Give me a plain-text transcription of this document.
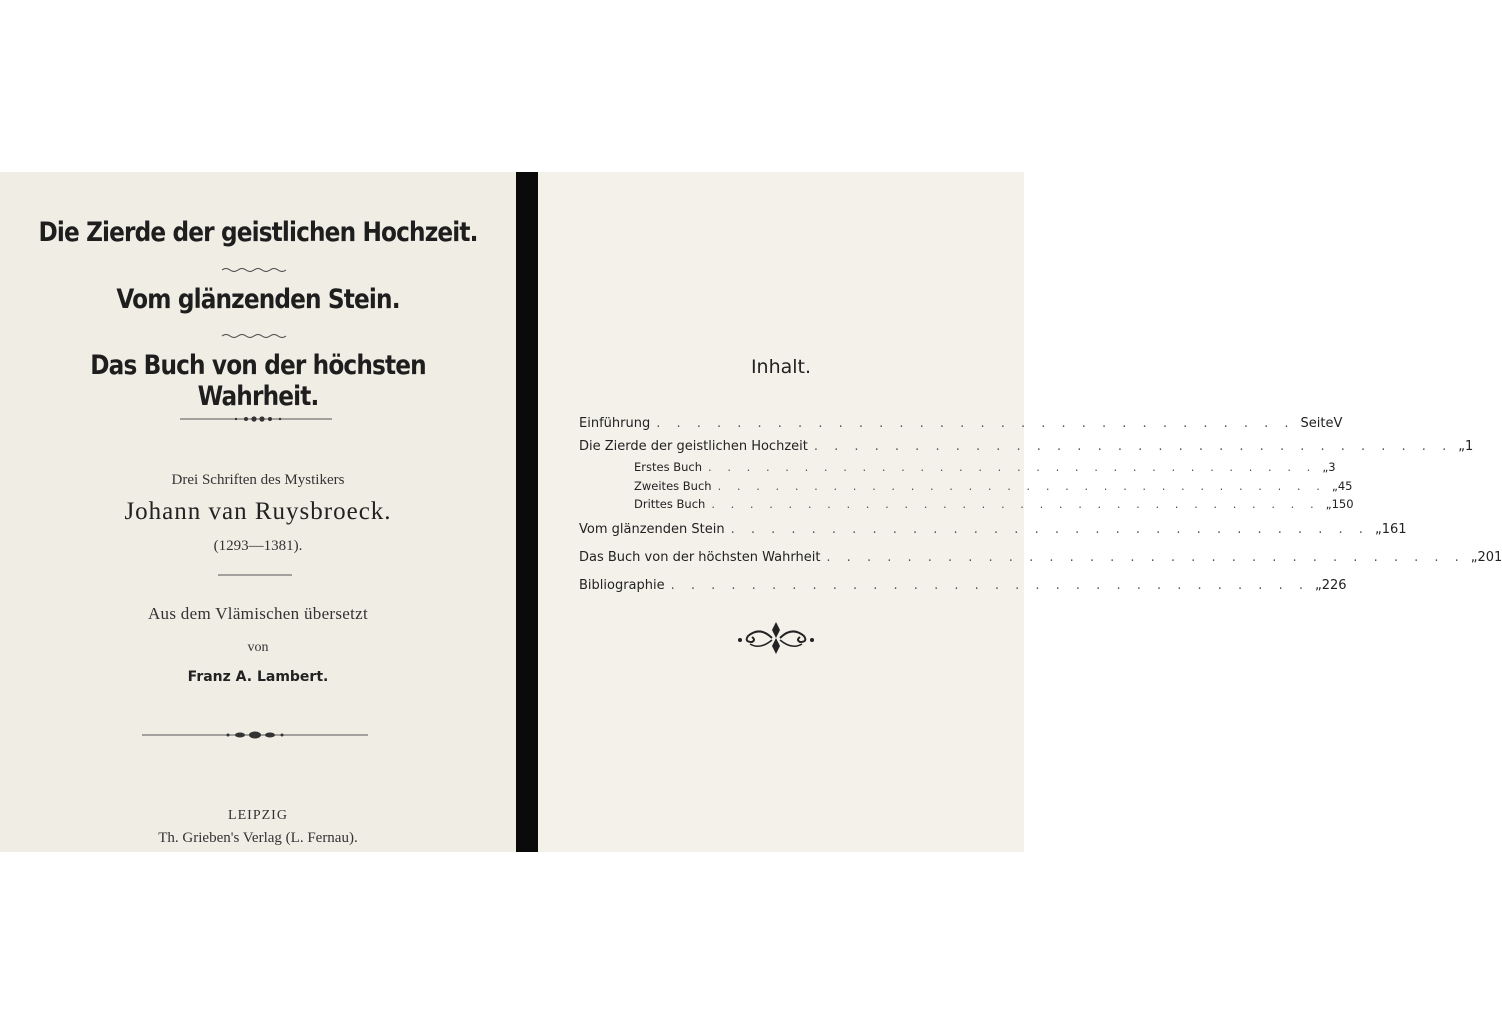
Die Zierde der geistlichen Hochzeit.
Vom glänzenden Stein.
Das Buch von der höchsten Wahrheit.
Drei Schriften des Mystikers
Johann van Ruysbroeck.
(1293—1381).
Aus dem Vlämischen übersetzt
von
Franz A. Lambert.
LEIPZIG
Th. Grieben's Verlag (L. Fernau).
Inhalt.
Einführung . . . . . . . . . . . . . . . . . . . . . . . . . . . . . . . . Seite V
Die Zierde der geistlichen Hochzeit . . . . . . . . . . . . . . . . . . . . . . . . . . . . . . . . „ 1
Erstes Buch . . . . . . . . . . . . . . . . . . . . . . . . . . . . . . . . „ 3
Zweites Buch . . . . . . . . . . . . . . . . . . . . . . . . . . . . . . . . „ 45
Drittes Buch . . . . . . . . . . . . . . . . . . . . . . . . . . . . . . . . „ 150
Vom glänzenden Stein . . . . . . . . . . . . . . . . . . . . . . . . . . . . . . . . „ 161
Das Buch von der höchsten Wahrheit . . . . . . . . . . . . . . . . . . . . . . . . . . . . . . . . „ 201
Bibliographie . . . . . . . . . . . . . . . . . . . . . . . . . . . . . . . . „ 226
